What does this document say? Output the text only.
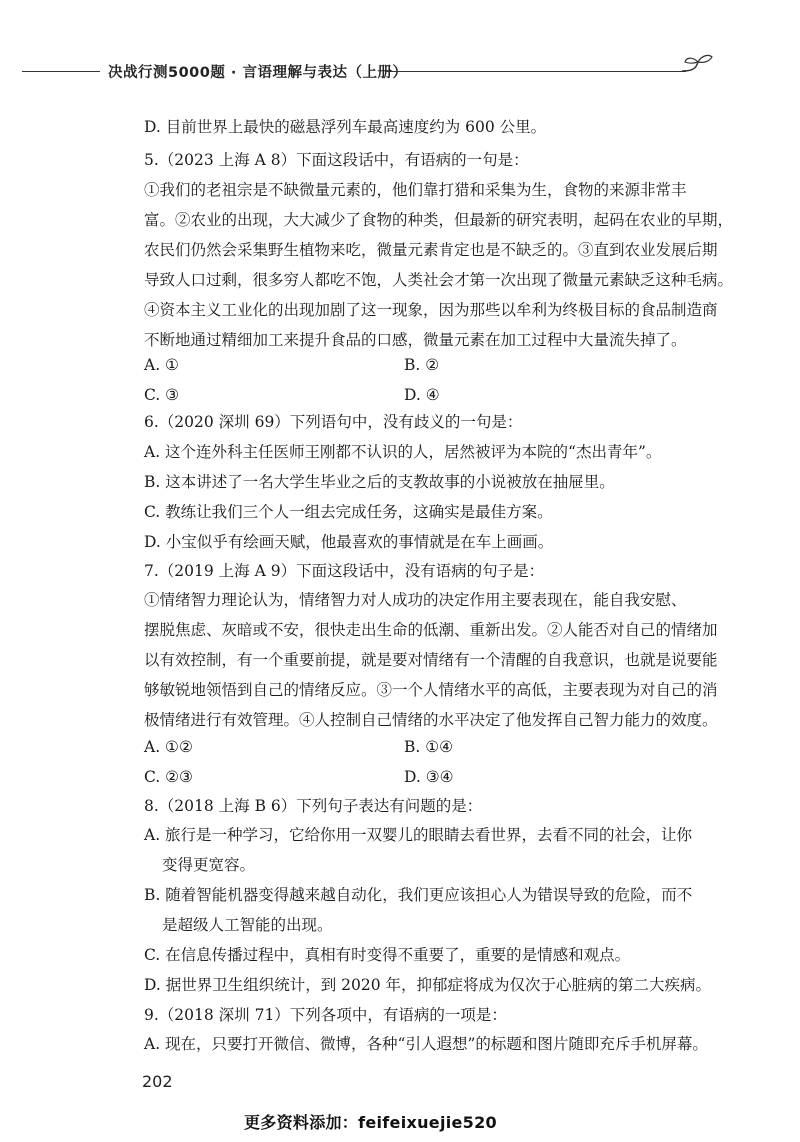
决战行测5000题 · 言语理解与表达（上册）
D. 目前世界上最快的磁悬浮列车最高速度约为 600 公里。
5.（2023 上海 A 8）下面这段话中，有语病的一句是：
①我们的老祖宗是不缺微量元素的，他们靠打猎和采集为生，食物的来源非常丰
富。②农业的出现，大大减少了食物的种类，但最新的研究表明，起码在农业的早期，
农民们仍然会采集野生植物来吃，微量元素肯定也是不缺乏的。③直到农业发展后期
导致人口过剩，很多穷人都吃不饱，人类社会才第一次出现了微量元素缺乏这种毛病。
④资本主义工业化的出现加剧了这一现象，因为那些以牟利为终极目标的食品制造商
不断地通过精细加工来提升食品的口感，微量元素在加工过程中大量流失掉了。
A. ①	B. ②
C. ③	D. ④
6.（2020 深圳 69）下列语句中，没有歧义的一句是：
A. 这个连外科主任医师王刚都不认识的人，居然被评为本院的“杰出青年”。
B. 这本讲述了一名大学生毕业之后的支教故事的小说被放在抽屉里。
C. 教练让我们三个人一组去完成任务，这确实是最佳方案。
D. 小宝似乎有绘画天赋，他最喜欢的事情就是在车上画画。
7.（2019 上海 A 9）下面这段话中，没有语病的句子是：
①情绪智力理论认为，情绪智力对人成功的决定作用主要表现在，能自我安慰、
摆脱焦虑、灰暗或不安，很快走出生命的低潮、重新出发。②人能否对自己的情绪加
以有效控制，有一个重要前提，就是要对情绪有一个清醒的自我意识，也就是说要能
够敏锐地领悟到自己的情绪反应。③一个人情绪水平的高低，主要表现为对自己的消
极情绪进行有效管理。④人控制自己情绪的水平决定了他发挥自己智力能力的效度。
A. ①②	B. ①④
C. ②③	D. ③④
8.（2018 上海 B 6）下列句子表达有问题的是：
A. 旅行是一种学习，它给你用一双婴儿的眼睛去看世界，去看不同的社会，让你
变得更宽容。
B. 随着智能机器变得越来越自动化，我们更应该担心人为错误导致的危险，而不
是超级人工智能的出现。
C. 在信息传播过程中，真相有时变得不重要了，重要的是情感和观点。
D. 据世界卫生组织统计，到 2020 年，抑郁症将成为仅次于心脏病的第二大疾病。
9.（2018 深圳 71）下列各项中，有语病的一项是：
A. 现在，只要打开微信、微博，各种“引人遐想”的标题和图片随即充斥手机屏幕。
202
更多资料添加：feifeixuejie520
